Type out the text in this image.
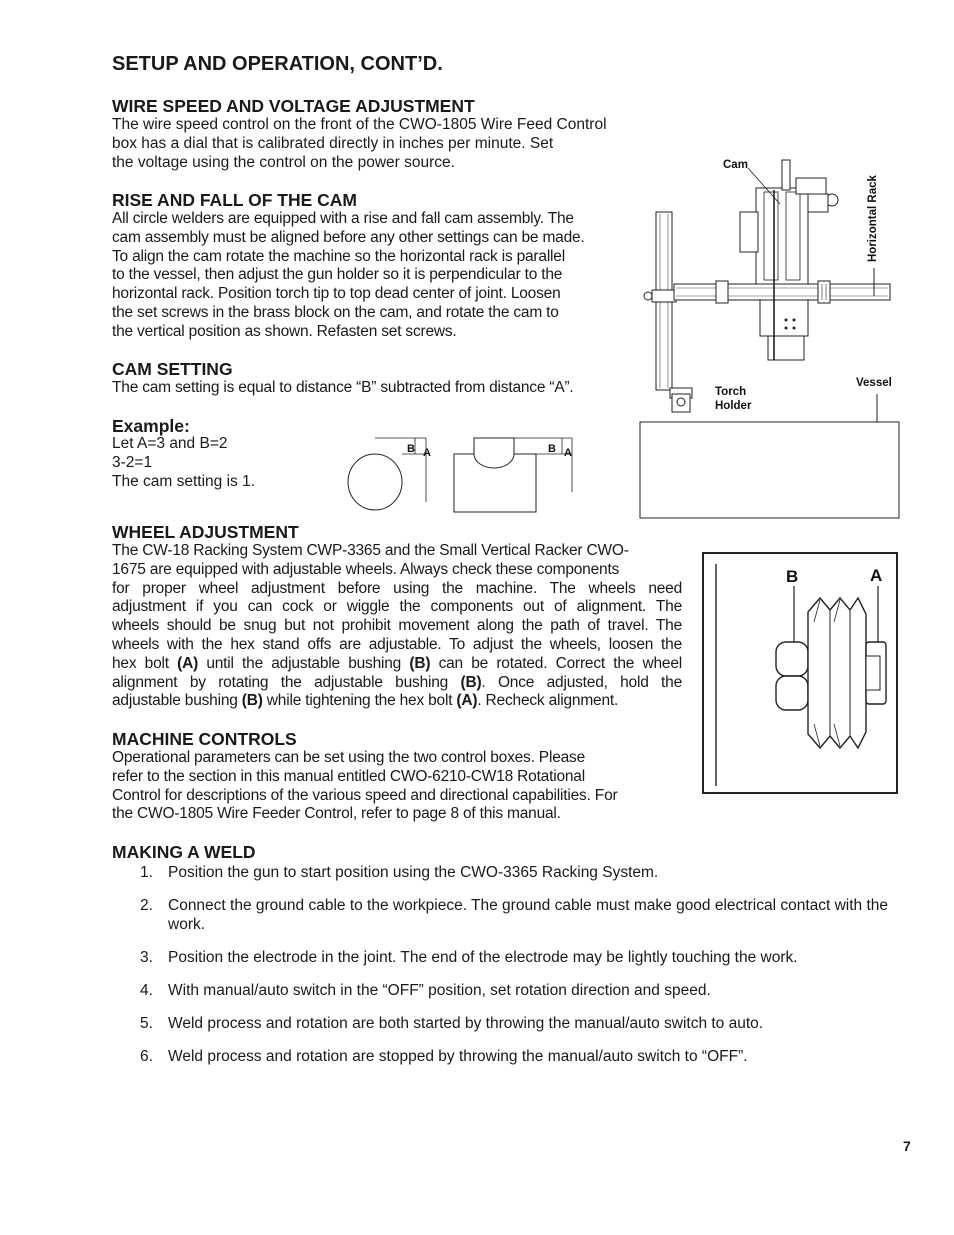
SETUP AND OPERATION, CONT’D.
WIRE SPEED AND VOLTAGE ADJUSTMENT
The wire speed control on the front of the CWO-1805 Wire Feed Control
box has a dial that is calibrated directly in inches per minute. Set
the voltage using the control on the power source.
RISE AND FALL OF THE CAM
All circle welders are equipped with a rise and fall cam assembly. The
cam assembly must be aligned before any other settings can be made.
To align the cam rotate the machine so the horizontal rack is parallel
to the vessel, then adjust the gun holder so it is perpendicular to the
horizontal rack. Position torch tip to top dead center of joint. Loosen
the set screws in the brass block on the cam, and rotate the cam to
the vertical position as shown. Refasten set screws.
CAM SETTING
The cam setting is equal to distance “B” subtracted from distance “A”.
Example:
Let A=3 and B=2
3-2=1
The cam setting is 1.
B A	B A
Cam
Horizontal Rack
Torch
Holder
Vessel
WHEEL ADJUSTMENT
The CW-18 Racking System CWP-3365 and the Small Vertical Racker CWO-
1675 are equipped with adjustable wheels. Always check these components
for proper wheel adjustment before using the machine. The wheels need
adjustment if you can cock or wiggle the components out of alignment. The
wheels should be snug but not prohibit movement along the path of travel. The
wheels with the hex stand offs are adjustable. To adjust the wheels, loosen the
hex bolt (A) until the adjustable bushing (B) can be rotated. Correct the wheel
alignment by rotating the adjustable bushing (B). Once adjusted, hold the
adjustable bushing (B) while tightening the hex bolt (A). Recheck alignment.
B	A
MACHINE CONTROLS
Operational parameters can be set using the two control boxes. Please
refer to the section in this manual entitled CWO-6210-CW18 Rotational
Control for descriptions of the various speed and directional capabilities. For
the CWO-1805 Wire Feeder Control, refer to page 8 of this manual.
MAKING A WELD
1. Position the gun to start position using the CWO-3365 Racking System.
2. Connect the ground cable to the workpiece. The ground cable must make good electrical contact with the work.
3. Position the electrode in the joint. The end of the electrode may be lightly touching the work.
4. With manual/auto switch in the “OFF” position, set rotation direction and speed.
5. Weld process and rotation are both started by throwing the manual/auto switch to auto.
6. Weld process and rotation are stopped by throwing the manual/auto switch to “OFF”.
7
